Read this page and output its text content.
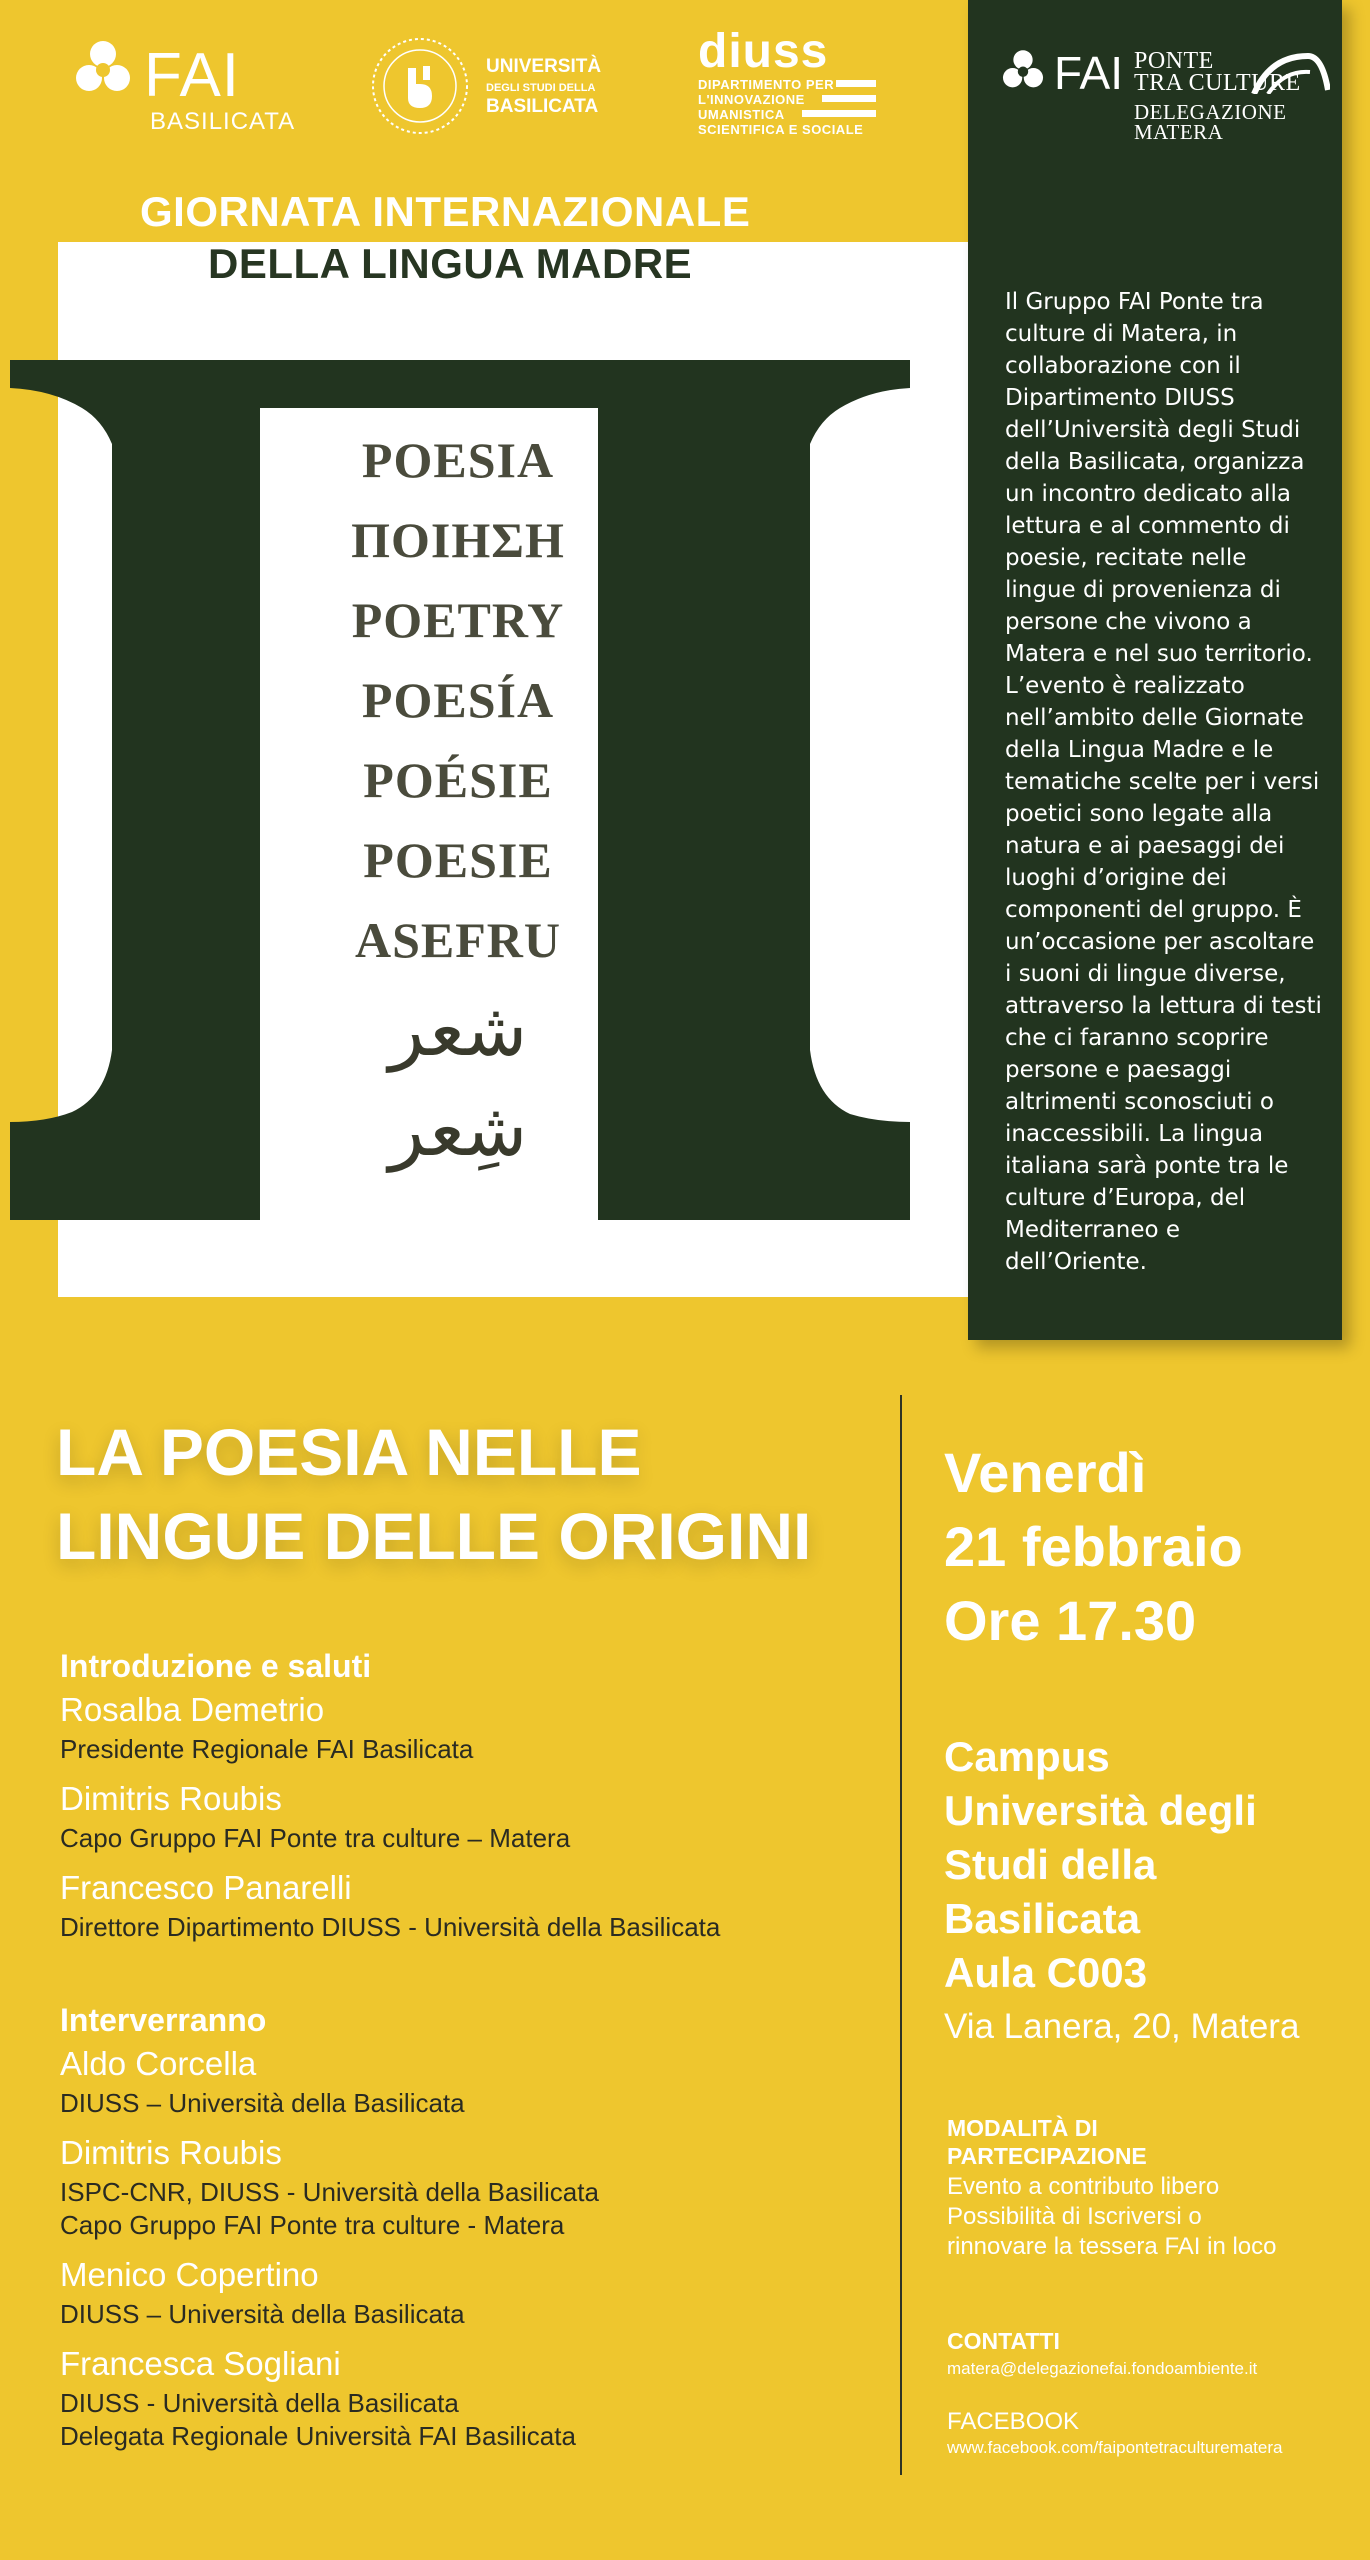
FAI
BASILICATA
UNIVERSITÀ
DEGLI STUDI DELLA
BASILICATA
diuss
DIPARTIMENTO PER
L'INNOVAZIONE
UMANISTICA
SCIENTIFICA E SOCIALE
GIORNATA INTERNAZIONALE
DELLA LINGUA MADRE
POESIA
ΠΟΙΗΣΗ
POETRY
POESÍA
POÉSIE
POESIE
ASEFRU
شعر
شِعر
FAI PONTE
TRA CULTURE
DELEGAZIONE
MATERA

Il Gruppo FAI Ponte tra culture di Matera, in collaborazione con il Dipartimento DIUSS dell’Università degli Studi della Basilicata, organizza un incontro dedicato alla lettura e al commento di poesie, recitate nelle lingue di provenienza di persone che vivono a Matera e nel suo territorio.

L’evento è realizzato nell’ambito delle Giornate della Lingua Madre e le tematiche scelte per i versi poetici sono legate alla natura e ai paesaggi dei luoghi d’origine dei componenti del gruppo. È un’occasione per ascoltare i suoni di lingue diverse, attraverso la lettura di testi che ci faranno scoprire persone e paesaggi altrimenti sconosciuti o inaccessibili. La lingua italiana sarà ponte tra le culture d’Europa, del Mediterraneo e dell’Oriente.

LA POESIA NELLE
LINGUE DELLE ORIGINI
Introduzione e saluti
Rosalba Demetrio
Presidente Regionale FAI Basilicata
Dimitris Roubis
Capo Gruppo FAI Ponte tra culture – Matera
Francesco Panarelli
Direttore Dipartimento DIUSS - Università della Basilicata
Interverranno
Aldo Corcella
DIUSS – Università della Basilicata
Dimitris Roubis
ISPC-CNR, DIUSS - Università della Basilicata
Capo Gruppo FAI Ponte tra culture - Matera
Menico Copertino
DIUSS – Università della Basilicata
Francesca Sogliani
DIUSS - Università della Basilicata
Delegata Regionale Università FAI Basilicata
Venerdì
21 febbraio
Ore 17.30
Campus
Università degli
Studi della
Basilicata
Aula C003
Via Lanera, 20, Matera
MODALITÀ DI
PARTECIPAZIONE
Evento a contributo libero
Possibilità di Iscriversi o
rinnovare la tessera FAI in loco
CONTATTI
matera@delegazionefai.fondoambiente.it
FACEBOOK
www.facebook.com/faipontetraculturematera
